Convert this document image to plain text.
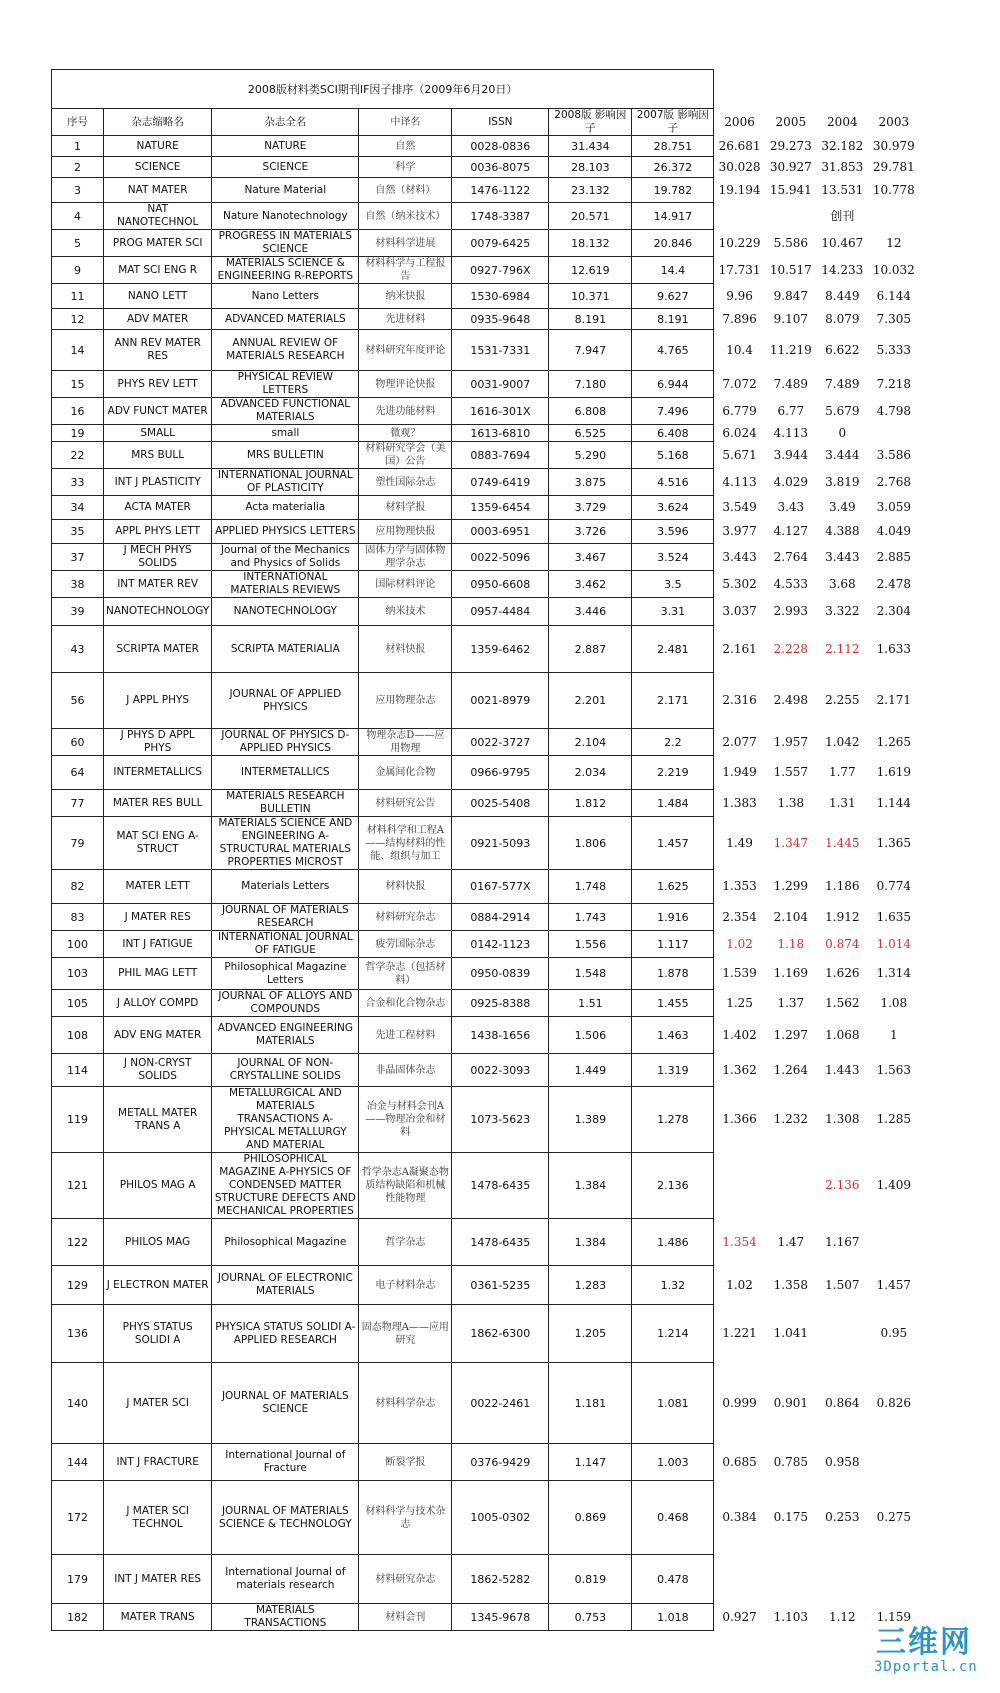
2008版材料类SCI期刊IF因子排序（2009年6月20日）										
序号	杂志缩略名	杂志全名	中译名	ISSN	2008版 影响因子	2007版 影响因子	2006	2005	2004	2003
1	NATURE	NATURE	自然	0028-0836	31.434	28.751	26.681	29.273	32.182	30.979
2	SCIENCE	SCIENCE	科学	0036-8075	28.103	26.372	30.028	30.927	31.853	29.781
3	NAT MATER	Nature Material	自然（材料）	1476-1122	23.132	19.782	19.194	15.941	13.531	10.778
4	NAT NANOTECHNOL	Nature Nanotechnology	自然（纳米技术）	1748-3387	20.571	14.917			创刊	
5	PROG MATER SCI	PROGRESS IN MATERIALS SCIENCE	材料科学进展	0079-6425	18.132	20.846	10.229	5.586	10.467	12
9	MAT SCI ENG R	MATERIALS SCIENCE & ENGINEERING R-REPORTS	材料科学与工程报告	0927-796X	12.619	14.4	17.731	10.517	14.233	10.032
11	NANO LETT	Nano Letters	纳米快报	1530-6984	10.371	9.627	9.96	9.847	8.449	6.144
12	ADV MATER	ADVANCED MATERIALS	先进材料	0935-9648	8.191	8.191	7.896	9.107	8.079	7.305
14	ANN REV MATER RES	ANNUAL REVIEW OF MATERIALS RESEARCH	材料研究年度评论	1531-7331	7.947	4.765	10.4	11.219	6.622	5.333
15	PHYS REV LETT	PHYSICAL REVIEW LETTERS	物理评论快报	0031-9007	7.180	6.944	7.072	7.489	7.489	7.218
16	ADV FUNCT MATER	ADVANCED FUNCTIONAL MATERIALS	先进功能材料	1616-301X	6.808	7.496	6.779	6.77	5.679	4.798
19	SMALL	small	微观？	1613-6810	6.525	6.408	6.024	4.113	0	
22	MRS BULL	MRS BULLETIN	材料研究学会（美国）公告	0883-7694	5.290	5.168	5.671	3.944	3.444	3.586
33	INT J PLASTICITY	INTERNATIONAL JOURNAL OF PLASTICITY	塑性国际杂志	0749-6419	3.875	4.516	4.113	4.029	3.819	2.768
34	ACTA MATER	Acta materialia	材料学报	1359-6454	3.729	3.624	3.549	3.43	3.49	3.059
35	APPL PHYS LETT	APPLIED PHYSICS LETTERS	应用物理快报	0003-6951	3.726	3.596	3.977	4.127	4.388	4.049
37	J MECH PHYS SOLIDS	Journal of the Mechanics and Physics of Solids	固体力学与固体物理学杂志	0022-5096	3.467	3.524	3.443	2.764	3.443	2.885
38	INT MATER REV	INTERNATIONAL MATERIALS REVIEWS	国际材料评论	0950-6608	3.462	3.5	5.302	4.533	3.68	2.478
39	NANOTECHNOLOGY	NANOTECHNOLOGY	纳米技术	0957-4484	3.446	3.31	3.037	2.993	3.322	2.304
43	SCRIPTA MATER	SCRIPTA MATERIALIA	材料快报	1359-6462	2.887	2.481	2.161	2.228	2.112	1.633
56	J APPL PHYS	JOURNAL OF APPLIED PHYSICS	应用物理杂志	0021-8979	2.201	2.171	2.316	2.498	2.255	2.171
60	J PHYS D APPL PHYS	JOURNAL OF PHYSICS D-APPLIED PHYSICS	物理杂志D——应用物理	0022-3727	2.104	2.2	2.077	1.957	1.042	1.265
64	INTERMETALLICS	INTERMETALLICS	金属间化合物	0966-9795	2.034	2.219	1.949	1.557	1.77	1.619
77	MATER RES BULL	MATERIALS RESEARCH BULLETIN	材料研究公告	0025-5408	1.812	1.484	1.383	1.38	1.31	1.144
79	MAT SCI ENG A-STRUCT	MATERIALS SCIENCE AND ENGINEERING A-STRUCTURAL MATERIALS PROPERTIES MICROST	材料科学和工程A——结构材料的性能、组织与加工	0921-5093	1.806	1.457	1.49	1.347	1.445	1.365
82	MATER LETT	Materials Letters	材料快报	0167-577X	1.748	1.625	1.353	1.299	1.186	0.774
83	J MATER RES	JOURNAL OF MATERIALS RESEARCH	材料研究杂志	0884-2914	1.743	1.916	2.354	2.104	1.912	1.635
100	INT J FATIGUE	INTERNATIONAL JOURNAL OF FATIGUE	疲劳国际杂志	0142-1123	1.556	1.117	1.02	1.18	0.874	1.014
103	PHIL MAG LETT	Philosophical Magazine Letters	哲学杂志（包括材料）	0950-0839	1.548	1.878	1.539	1.169	1.626	1.314
105	J ALLOY COMPD	JOURNAL OF ALLOYS AND COMPOUNDS	合金和化合物杂志	0925-8388	1.51	1.455	1.25	1.37	1.562	1.08
108	ADV ENG MATER	ADVANCED ENGINEERING MATERIALS	先进工程材料	1438-1656	1.506	1.463	1.402	1.297	1.068	1
114	J NON-CRYST SOLIDS	JOURNAL OF NON-CRYSTALLINE SOLIDS	非晶固体杂志	0022-3093	1.449	1.319	1.362	1.264	1.443	1.563
119	METALL MATER TRANS A	METALLURGICAL AND MATERIALS TRANSACTIONS A-PHYSICAL METALLURGY AND MATERIAL	冶金与材料会刊A——物理冶金和材料	1073-5623	1.389	1.278	1.366	1.232	1.308	1.285
121	PHILOS MAG A	PHILOSOPHICAL MAGAZINE A-PHYSICS OF CONDENSED MATTER STRUCTURE DEFECTS AND MECHANICAL PROPERTIES	哲学杂志A凝聚态物质结构缺陷和机械性能物理	1478-6435	1.384	2.136			2.136	1.409
122	PHILOS MAG	Philosophical Magazine	哲学杂志	1478-6435	1.384	1.486	1.354	1.47	1.167	
129	J ELECTRON MATER	JOURNAL OF ELECTRONIC MATERIALS	电子材料杂志	0361-5235	1.283	1.32	1.02	1.358	1.507	1.457
136	PHYS STATUS SOLIDI A	PHYSICA STATUS SOLIDI A-APPLIED RESEARCH	固态物理A——应用研究	1862-6300	1.205	1.214	1.221	1.041		0.95
140	J MATER SCI	JOURNAL OF MATERIALS SCIENCE	材料科学杂志	0022-2461	1.181	1.081	0.999	0.901	0.864	0.826
144	INT J FRACTURE	International Journal of Fracture	断裂学报	0376-9429	1.147	1.003	0.685	0.785	0.958	
172	J MATER SCI TECHNOL	JOURNAL OF MATERIALS SCIENCE & TECHNOLOGY	材料科学与技术杂志	1005-0302	0.869	0.468	0.384	0.175	0.253	0.275
179	INT J MATER RES	International Journal of materials research	材料研究杂志	1862-5282	0.819	0.478				
182	MATER TRANS	MATERIALS TRANSACTIONS	材料会刊	1345-9678	0.753	1.018	0.927	1.103	1.12	1.159
三维网
3Dportal.cn
